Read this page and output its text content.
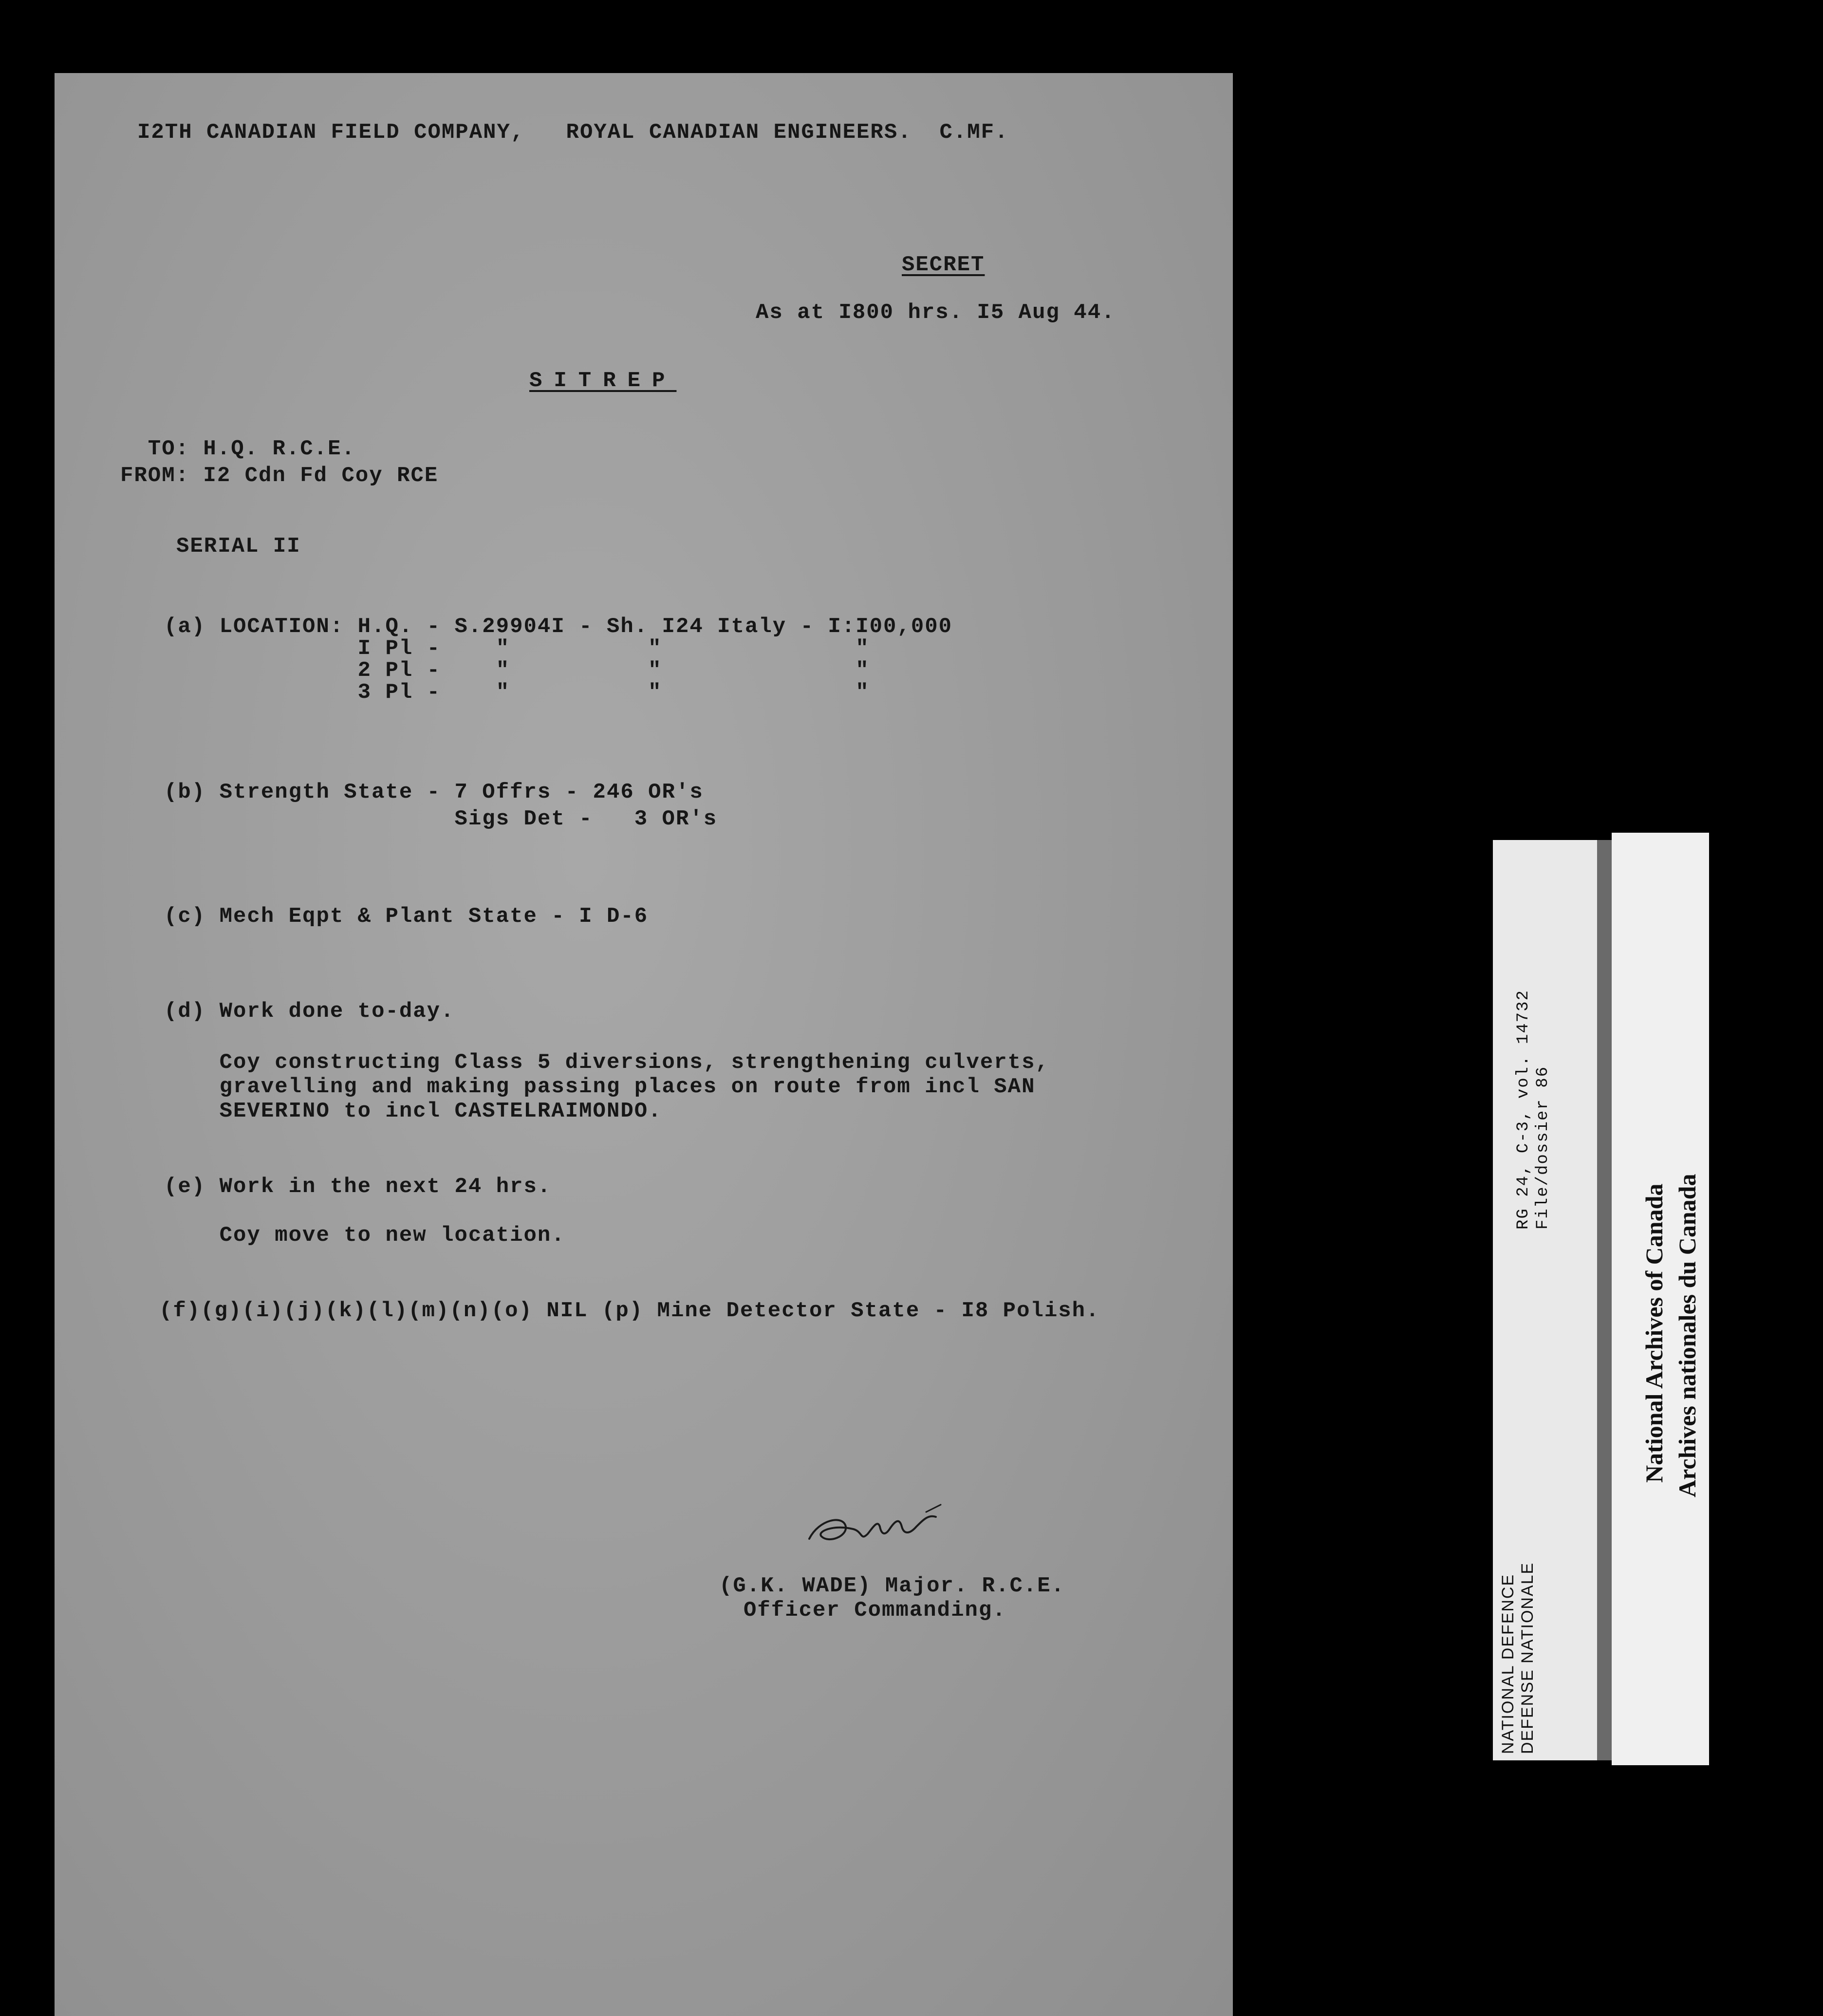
I2TH CANADIAN FIELD COMPANY,   ROYAL CANADIAN ENGINEERS.  C.MF.
SECRET
As at I800 hrs. I5 Aug 44.
SITREP
TO: H.Q. R.C.E.
FROM: I2 Cdn Fd Coy RCE
SERIAL II
(a) LOCATION: H.Q. - S.29904I - Sh. I24 Italy - I:I00,000
I Pl -    "          "              "
2 Pl -    "          "              "
3 Pl -    "          "              "
(b) Strength State - 7 Offrs - 246 OR's
Sigs Det -   3 OR's
(c) Mech Eqpt & Plant State - I D-6
(d) Work done to-day.
Coy constructing Class 5 diversions, strengthening culverts,
gravelling and making passing places on route from incl SAN
SEVERINO to incl CASTELRAIMONDO.
(e) Work in the next 24 hrs.
Coy move to new location.
(f)(g)(i)(j)(k)(l)(m)(n)(o) NIL (p) Mine Detector State - I8 Polish.
(G.K. WADE) Major. R.C.E.
Officer Commanding.
RG 24, C-3, vol. 14732 File/dossier 86
NATIONAL DEFENCE DEFENSE NATIONALE
National Archives of Canada Archives nationales du Canada
